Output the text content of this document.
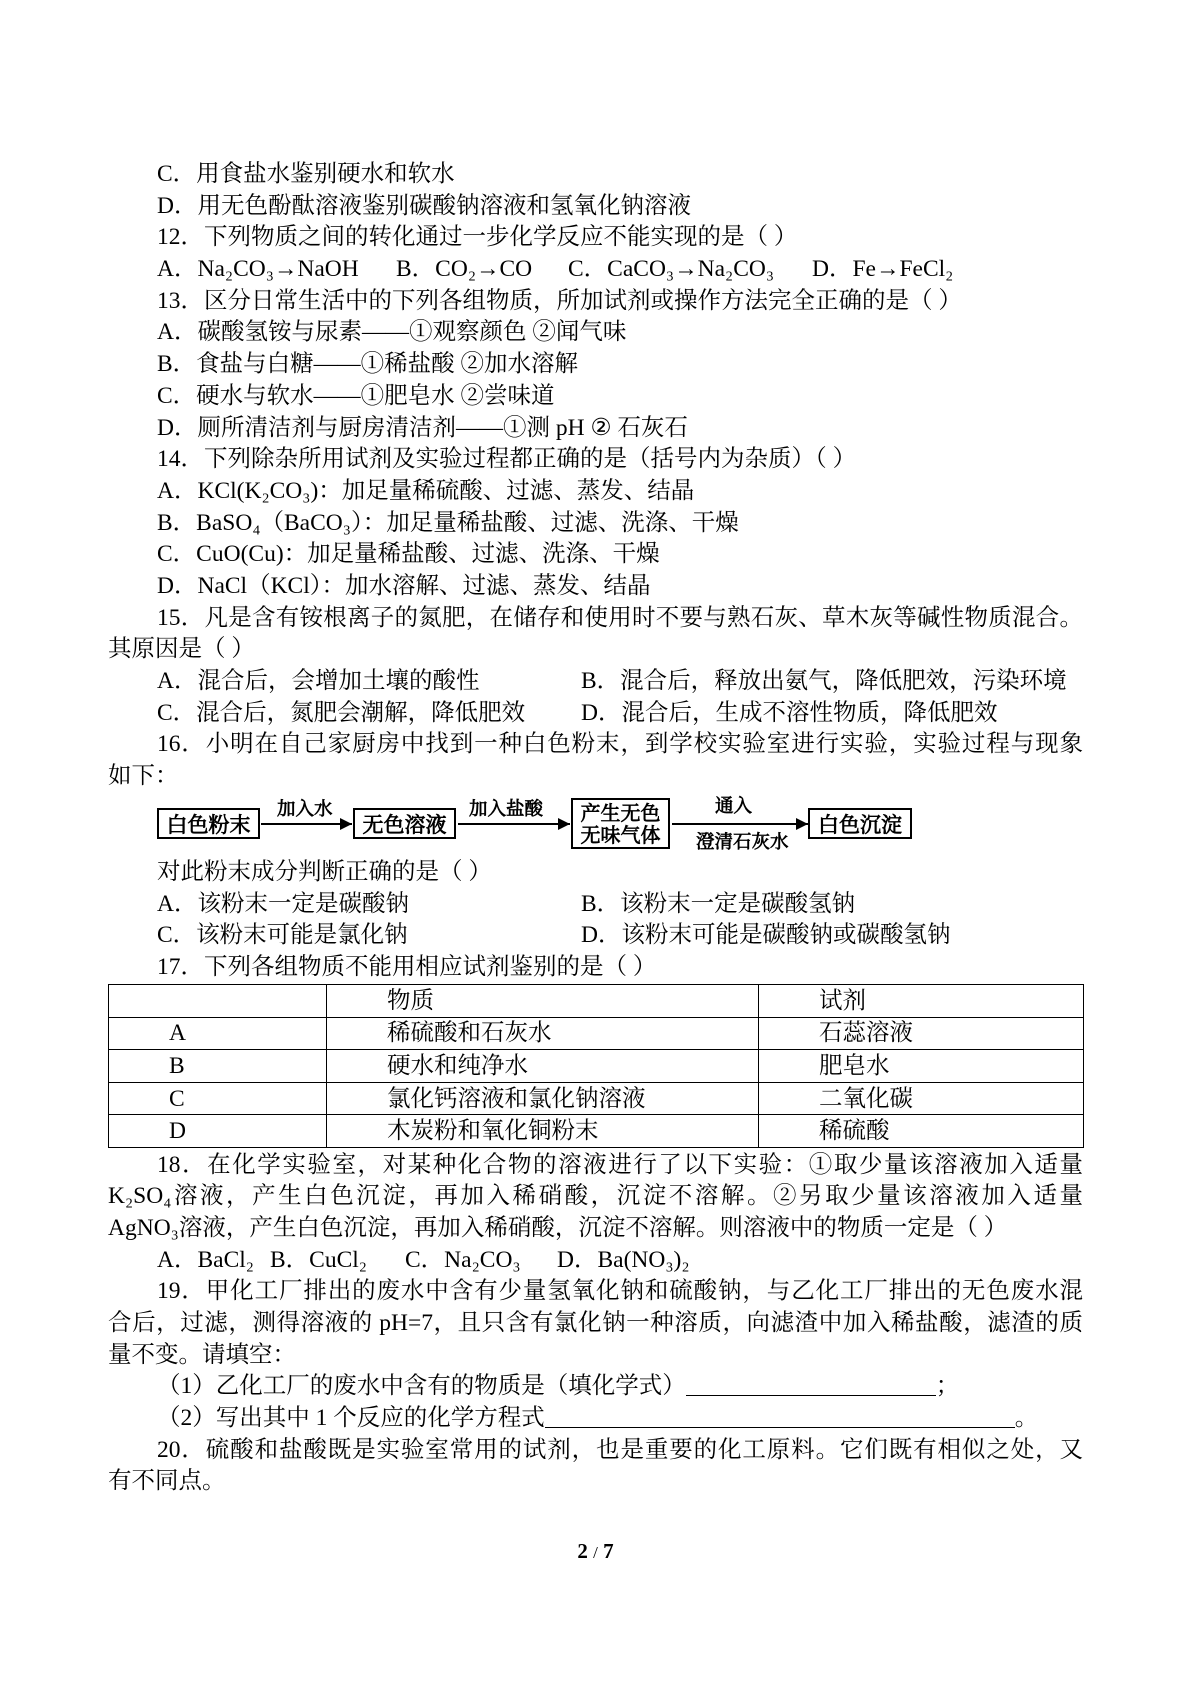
C．用食盐水鉴别硬水和软水
D．用无色酚酞溶液鉴别碳酸钠溶液和氢氧化钠溶液
12．下列物质之间的转化通过一步化学反应不能实现的是（ ）
A．Na₂CO₃→NaOH B．CO₂→CO C．CaCO₃→Na₂CO₃ D．Fe→FeCl₂
13．区分日常生活中的下列各组物质，所加试剂或操作方法完全正确的是（ ）
A．碳酸氢铵与尿素——①观察颜色 ②闻气味
B．食盐与白糖——①稀盐酸 ②加水溶解
C．硬水与软水——①肥皂水 ②尝味道
D．厕所清洁剂与厨房清洁剂——①测 pH ② 石灰石
14．下列除杂所用试剂及实验过程都正确的是（括号内为杂质）（ ）
A．KCl(K₂CO₃)：加足量稀硫酸、过滤、蒸发、结晶
B．BaSO₄（BaCO₃）：加足量稀盐酸、过滤、洗涤、干燥
C．CuO(Cu)：加足量稀盐酸、过滤、洗涤、干燥
D．NaCl（KCl）：加水溶解、过滤、蒸发、结晶
15．凡是含有铵根离子的氮肥，在储存和使用时不要与熟石灰、草木灰等碱性物质混合。
其原因是（ ）
A．混合后，会增加土壤的酸性	B．混合后，释放出氨气，降低肥效，污染环境
C．混合后，氮肥会潮解，降低肥效 D．混合后，生成不溶性物质，降低肥效
16．小明在自己家厨房中找到一种白色粉末，到学校实验室进行实验，实验过程与现象
如下：
白色粉末
加入水
无色溶液
加入盐酸 产生无色
无味气体
通入
澄清石灰水
白色沉淀
对此粉末成分判断正确的是（ ）
A．该粉末一定是碳酸钠	B．该粉末一定是碳酸氢钠
C．该粉末可能是氯化钠	D．该粉末可能是碳酸钠或碳酸氢钠
17．下列各组物质不能用相应试剂鉴别的是（ ）
	物质	试剂
A	稀硫酸和石灰水	石蕊溶液
B	硬水和纯净水	肥皂水
C	氯化钙溶液和氯化钠溶液	二氧化碳
D	木炭粉和氧化铜粉末	稀硫酸
18．在化学实验室，对某种化合物的溶液进行了以下实验：①取少量该溶液加入适量
K₂SO₄溶液，产生白色沉淀，再加入稀硝酸，沉淀不溶解。②另取少量该溶液加入适量
AgNO₃溶液，产生白色沉淀，再加入稀硝酸，沉淀不溶解。则溶液中的物质一定是（ ）
A．BaCl₂ B．CuCl₂ C．Na₂CO₃ D．Ba(NO₃)₂
19．甲化工厂排出的废水中含有少量氢氧化钠和硫酸钠，与乙化工厂排出的无色废水混
合后，过滤，测得溶液的 pH=7，且只含有氯化钠一种溶质，向滤渣中加入稀盐酸，滤渣的质
量不变。请填空：
（1）乙化工厂的废水中含有的物质是（填化学式）	；
（2）写出其中 1 个反应的化学方程式	。
20．硫酸和盐酸既是实验室常用的试剂，也是重要的化工原料。它们既有相似之处，又
有不同点。
2 / 7
